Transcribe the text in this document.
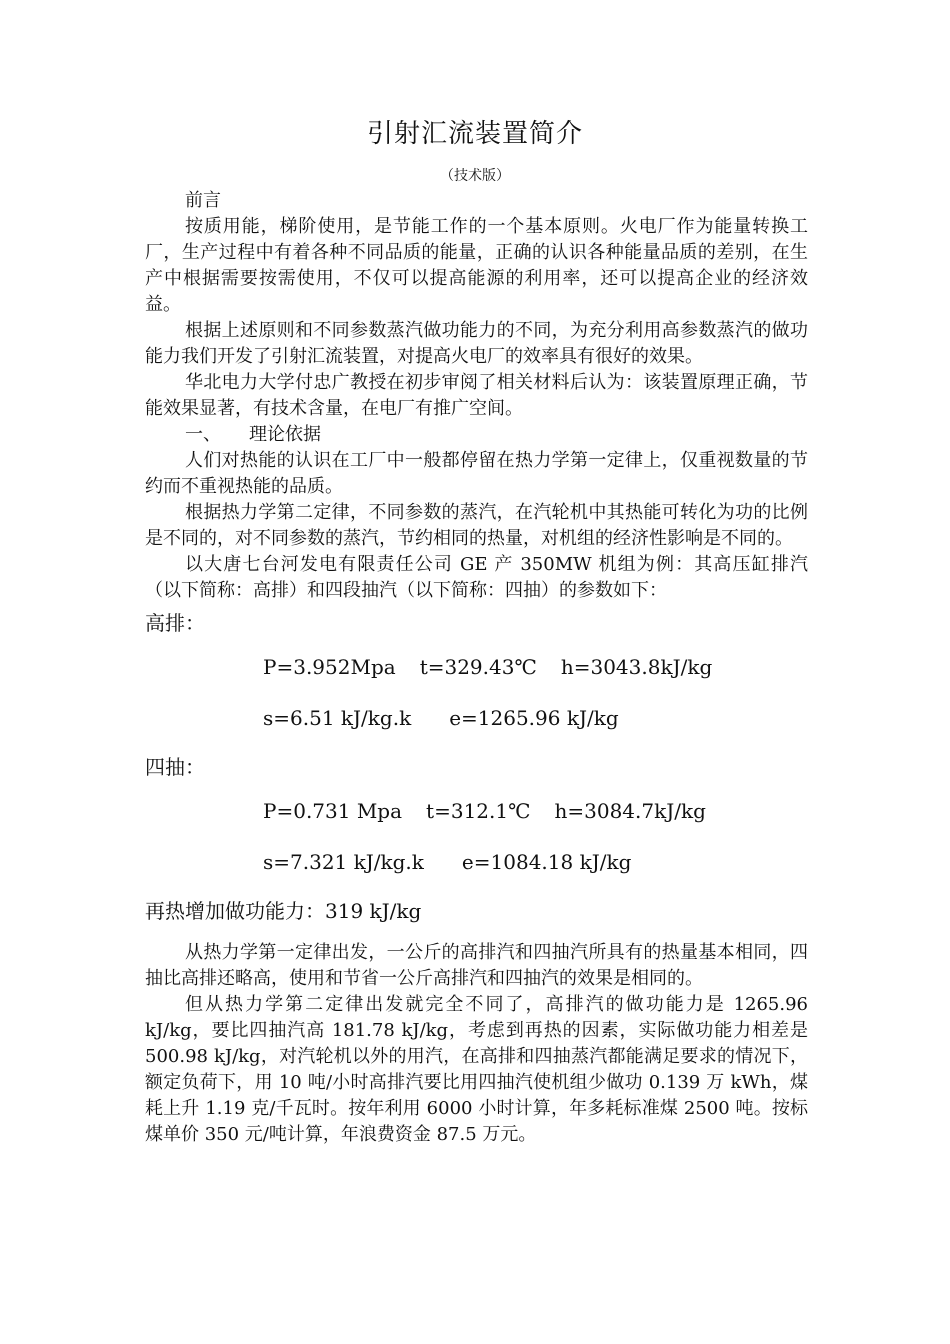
引射汇流装置简介
（技术版）

前言

按质用能，梯阶使用，是节能工作的一个基本原则。火电厂作为能量转换工厂，生产过程中有着各种不同品质的能量，正确的认识各种能量品质的差别，在生产中根据需要按需使用，不仅可以提高能源的利用率，还可以提高企业的经济效益。

根据上述原则和不同参数蒸汽做功能力的不同，为充分利用高参数蒸汽的做功能力我们开发了引射汇流装置，对提高火电厂的效率具有很好的效果。

华北电力大学付忠广教授在初步审阅了相关材料后认为：该装置原理正确，节能效果显著，有技术含量，在电厂有推广空间。

一、 理论依据

人们对热能的认识在工厂中一般都停留在热力学第一定律上，仅重视数量的节约而不重视热能的品质。

根据热力学第二定律，不同参数的蒸汽，在汽轮机中其热能可转化为功的比例是不同的，对不同参数的蒸汽，节约相同的热量，对机组的经济性影响是不同的。

以大唐七台河发电有限责任公司 GE 产 350MW 机组为例：其高压缸排汽（以下简称：高排）和四段抽汽（以下简称：四抽）的参数如下：

高排：

P=3.952Mpa t=329.43℃ h=3043.8kJ/kg

s=6.51 kJ/kg.k e=1265.96 kJ/kg

四抽：

P=0.731 Mpa t=312.1℃ h=3084.7kJ/kg

s=7.321 kJ/kg.k e=1084.18 kJ/kg

再热增加做功能力：319 kJ/kg

从热力学第一定律出发，一公斤的高排汽和四抽汽所具有的热量基本相同，四抽比高排还略高，使用和节省一公斤高排汽和四抽汽的效果是相同的。

但从热力学第二定律出发就完全不同了，高排汽的做功能力是 1265.96 kJ/kg，要比四抽汽高 181.78 kJ/kg，考虑到再热的因素，实际做功能力相差是 500.98 kJ/kg，对汽轮机以外的用汽，在高排和四抽蒸汽都能满足要求的情况下，额定负荷下，用 10 吨/小时高排汽要比用四抽汽使机组少做功 0.139 万 kWh，煤耗上升 1.19 克/千瓦时。按年利用 6000 小时计算，年多耗标准煤 2500 吨。按标煤单价 350 元/吨计算，年浪费资金 87.5 万元。
